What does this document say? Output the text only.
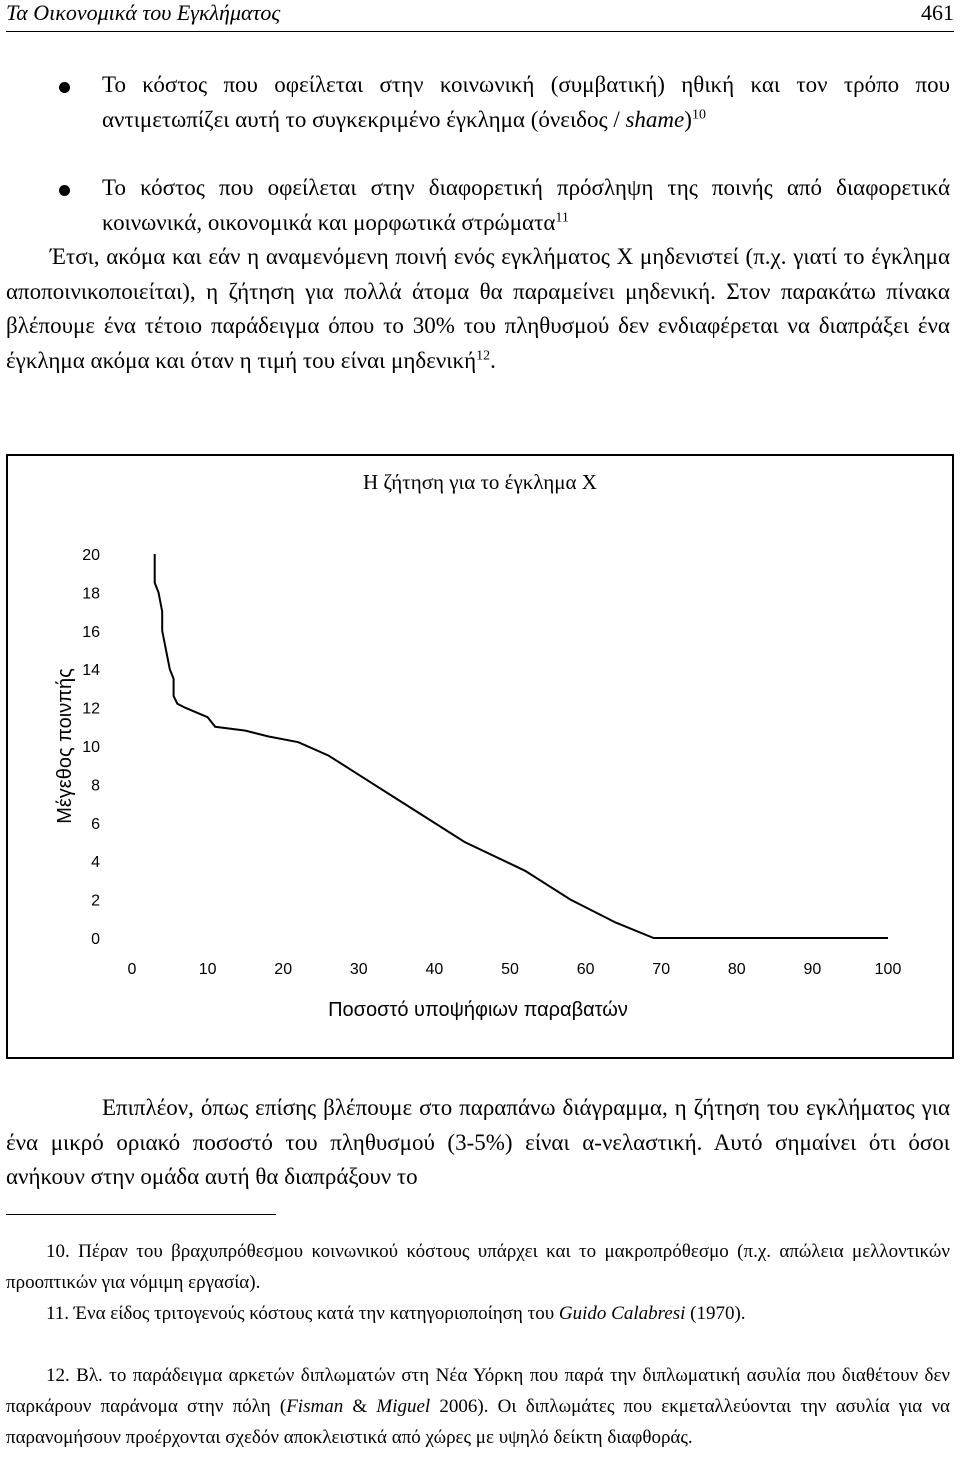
Τα Οικονομικά του Εγκλήματος	461
Το κόστος που οφείλεται στην κοινωνική (συμβατική) ηθική και τον τρόπο που αντιμετωπίζει αυτή το συγκεκριμένο έγκλημα (όνειδος / shame)$^{10}$
Το κόστος που οφείλεται στην διαφορετική πρόσληψη της ποινής από διαφορετικά κοινωνικά, οικονομικά και μορφωτικά στρώματα$^{11}$
Έτσι, ακόμα και εάν η αναμενόμενη ποινή ενός εγκλήματος Χ μηδενιστεί (π.χ. γιατί το έγκλημα αποποινικοποιείται), η ζήτηση για πολλά άτομα θα παραμείνει μηδενική. Στον παρακάτω πίνακα βλέπουμε ένα τέτοιο παράδειγμα όπου το 30% του πληθυσμού δεν ενδιαφέρεται να διαπράξει ένα έγκλημα ακόμα και όταν η τιμή του είναι μηδενική$^{12}$.
Η ζήτηση για το έγκλημα Χ
Μέγεθος ποινπής
Ποσοστό υποψήφιων παραβατών
0
2
4
6
8
10
12
14
16
18
20
0	10	20	30	40	50	60	70	80	90	100
Επιπλέον, όπως επίσης βλέπουμε στο παραπάνω διάγραμμα, η ζήτηση του εγκλήματος για ένα μικρό οριακό ποσοστό του πληθυσμού (3-5%) είναι α-νελαστική. Αυτό σημαίνει ότι όσοι ανήκουν στην ομάδα αυτή θα διαπράξουν το
10. Πέραν του βραχυπρόθεσμου κοινωνικού κόστους υπάρχει και το μακροπρόθεσμο (π.χ. απώλεια μελλοντικών προοπτικών για νόμιμη εργασία).
11. Ένα είδος τριτογενούς κόστους κατά την κατηγοριοποίηση του Guido Calabresi (1970).
12. Βλ. το παράδειγμα αρκετών διπλωματών στη Νέα Υόρκη που παρά την διπλωματική ασυλία που διαθέτουν δεν παρκάρουν παράνομα στην πόλη (Fisman & Miguel 2006). Οι διπλωμάτες που εκμεταλλεύονται την ασυλία για να παρανομήσουν προέρχονται σχεδόν αποκλειστικά από χώρες με υψηλό δείκτη διαφθοράς.
